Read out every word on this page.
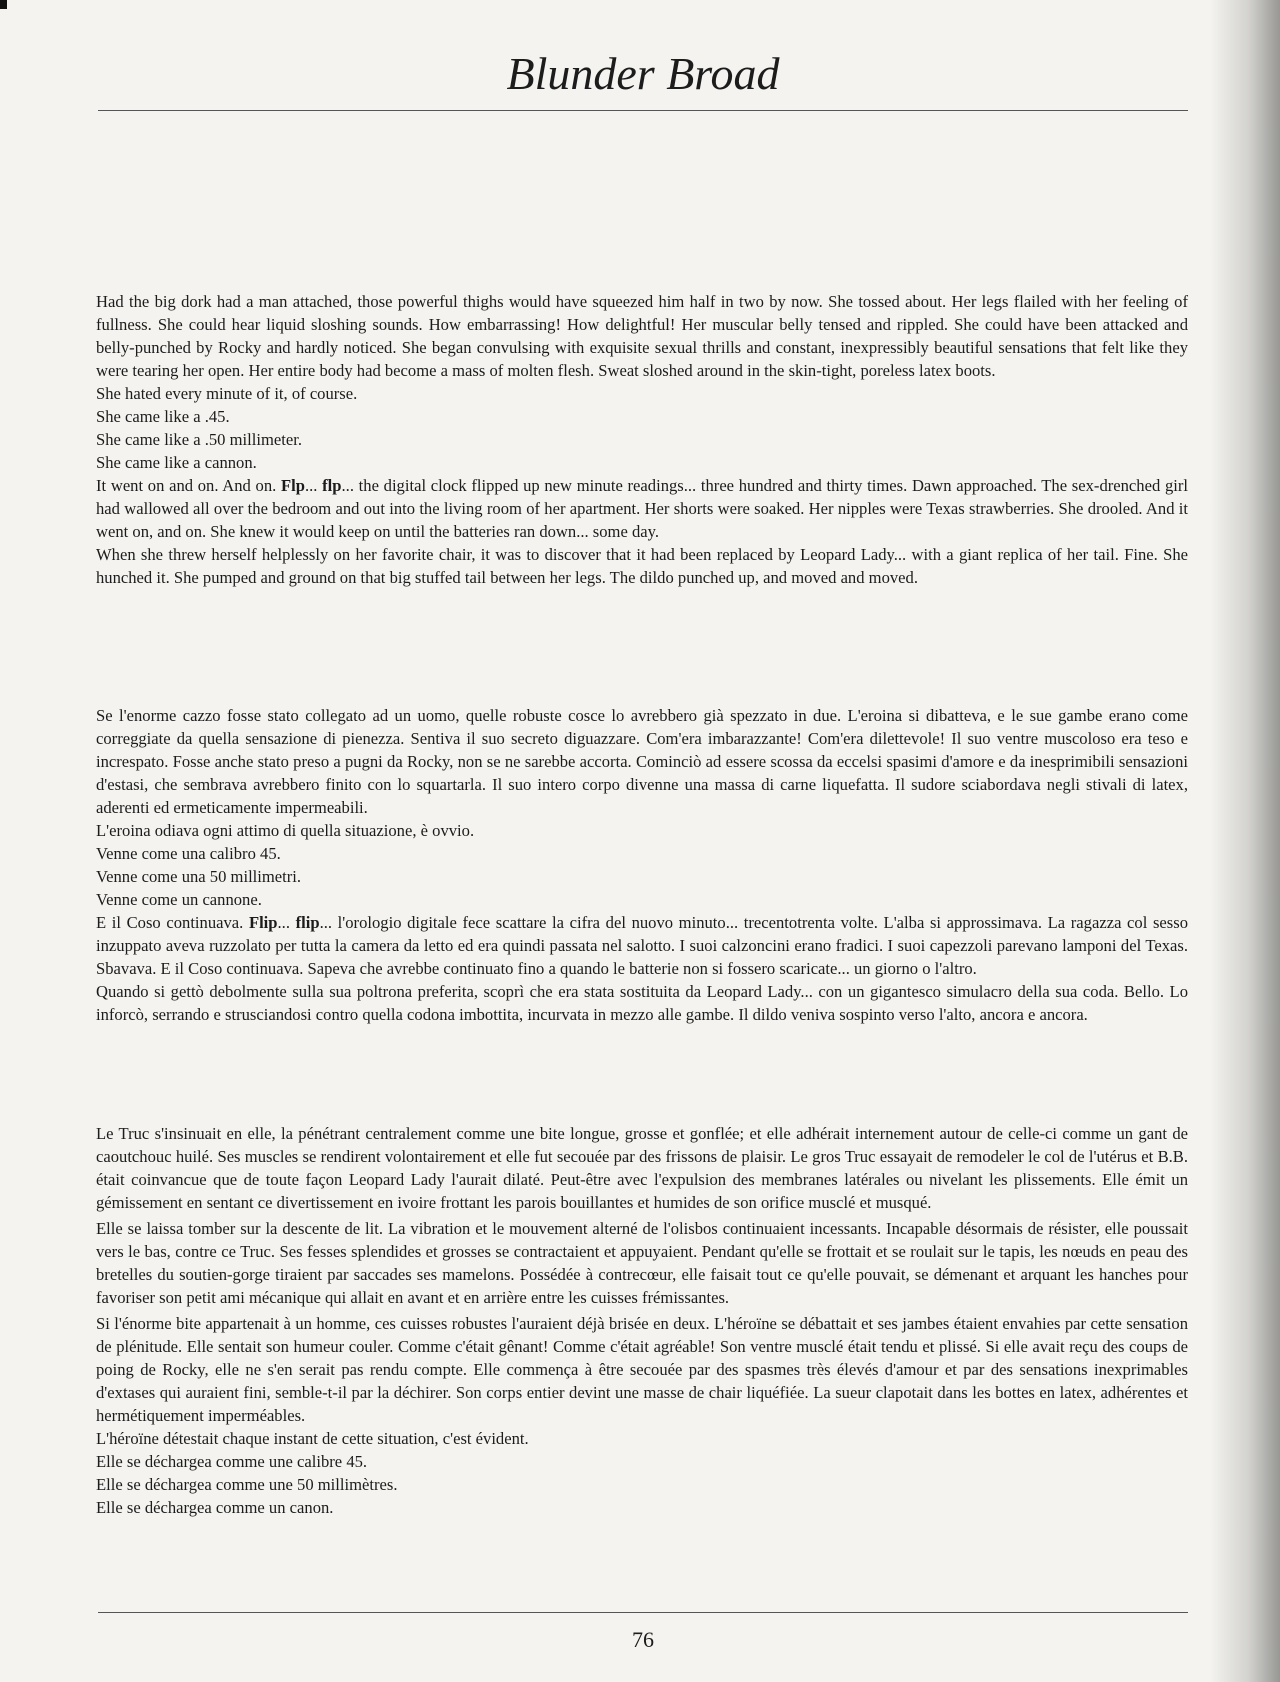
Blunder Broad

Had the big dork had a man attached, those powerful thighs would have squeezed him half in two by now. She tossed about. Her legs flailed with her feeling of fullness. She could hear liquid sloshing sounds. How embarrassing! How delightful! Her muscular belly tensed and rippled. She could have been attacked and belly-punched by Rocky and hardly noticed. She began convulsing with exquisite sexual thrills and constant, inexpressibly beautiful sensations that felt like they were tearing her open. Her entire body had become a mass of molten flesh. Sweat sloshed around in the skin-tight, poreless latex boots.

She hated every minute of it, of course.

She came like a .45.

She came like a .50 millimeter.

She came like a cannon.

It went on and on. And on. Flp... flp... the digital clock flipped up new minute readings... three hundred and thirty times. Dawn approached. The sex-drenched girl had wallowed all over the bedroom and out into the living room of her apartment. Her shorts were soaked. Her nipples were Texas strawberries. She drooled. And it went on, and on. She knew it would keep on until the batteries ran down... some day.

When she threw herself helplessly on her favorite chair, it was to discover that it had been replaced by Leopard Lady... with a giant replica of her tail. Fine. She hunched it. She pumped and ground on that big stuffed tail between her legs. The dildo punched up, and moved and moved.

Se l'enorme cazzo fosse stato collegato ad un uomo, quelle robuste cosce lo avrebbero già spezzato in due. L'eroina si dibatteva, e le sue gambe erano come correggiate da quella sensazione di pienezza. Sentiva il suo secreto diguazzare. Com'era imbarazzante! Com'era dilettevole! Il suo ventre muscoloso era teso e increspato. Fosse anche stato preso a pugni da Rocky, non se ne sarebbe accorta. Cominciò ad essere scossa da eccelsi spasimi d'amore e da inesprimibili sensazioni d'estasi, che sembrava avrebbero finito con lo squartarla. Il suo intero corpo divenne una massa di carne liquefatta. Il sudore sciabordava negli stivali di latex, aderenti ed ermeticamente impermeabili.

L'eroina odiava ogni attimo di quella situazione, è ovvio.

Venne come una calibro 45.

Venne come una 50 millimetri.

Venne come un cannone.

E il Coso continuava. Flip... flip... l'orologio digitale fece scattare la cifra del nuovo minuto... trecentotrenta volte. L'alba si approssimava. La ragazza col sesso inzuppato aveva ruzzolato per tutta la camera da letto ed era quindi passata nel salotto. I suoi calzoncini erano fradici. I suoi capezzoli parevano lamponi del Texas. Sbavava. E il Coso continuava. Sapeva che avrebbe continuato fino a quando le batterie non si fossero scaricate... un giorno o l'altro.

Quando si gettò debolmente sulla sua poltrona preferita, scoprì che era stata sostituita da Leopard Lady... con un gigantesco simulacro della sua coda. Bello. Lo inforcò, serrando e strusciandosi contro quella codona imbottita, incurvata in mezzo alle gambe. Il dildo veniva sospinto verso l'alto, ancora e ancora.

Le Truc s'insinuait en elle, la pénétrant centralement comme une bite longue, grosse et gonflée; et elle adhérait internement autour de celle-ci comme un gant de caoutchouc huilé. Ses muscles se rendirent volontairement et elle fut secouée par des frissons de plaisir. Le gros Truc essayait de remodeler le col de l'utérus et B.B. était coinvancue que de toute façon Leopard Lady l'aurait dilaté. Peut-être avec l'expulsion des membranes latérales ou nivelant les plissements. Elle émit un gémissement en sentant ce divertissement en ivoire frottant les parois bouillantes et humides de son orifice musclé et musqué.

Elle se laissa tomber sur la descente de lit. La vibration et le mouvement alterné de l'olisbos continuaient incessants. Incapable désormais de résister, elle poussait vers le bas, contre ce Truc. Ses fesses splendides et grosses se contractaient et appuyaient. Pendant qu'elle se frottait et se roulait sur le tapis, les nœuds en peau des bretelles du soutien-gorge tiraient par saccades ses mamelons. Possédée à contrecœur, elle faisait tout ce qu'elle pouvait, se démenant et arquant les hanches pour favoriser son petit ami mécanique qui allait en avant et en arrière entre les cuisses frémissantes.

Si l'énorme bite appartenait à un homme, ces cuisses robustes l'auraient déjà brisée en deux. L'héroïne se débattait et ses jambes étaient envahies par cette sensation de plénitude. Elle sentait son humeur couler. Comme c'était gênant! Comme c'était agréable! Son ventre musclé était tendu et plissé. Si elle avait reçu des coups de poing de Rocky, elle ne s'en serait pas rendu compte. Elle commença à être secouée par des spasmes très élevés d'amour et par des sensations inexprimables d'extases qui auraient fini, semble-t-il par la déchirer. Son corps entier devint une masse de chair liquéfiée. La sueur clapotait dans les bottes en latex, adhérentes et hermétiquement imperméables.

L'héroïne détestait chaque instant de cette situation, c'est évident.

Elle se déchargea comme une calibre 45.

Elle se déchargea comme une 50 millimètres.

Elle se déchargea comme un canon.

76
